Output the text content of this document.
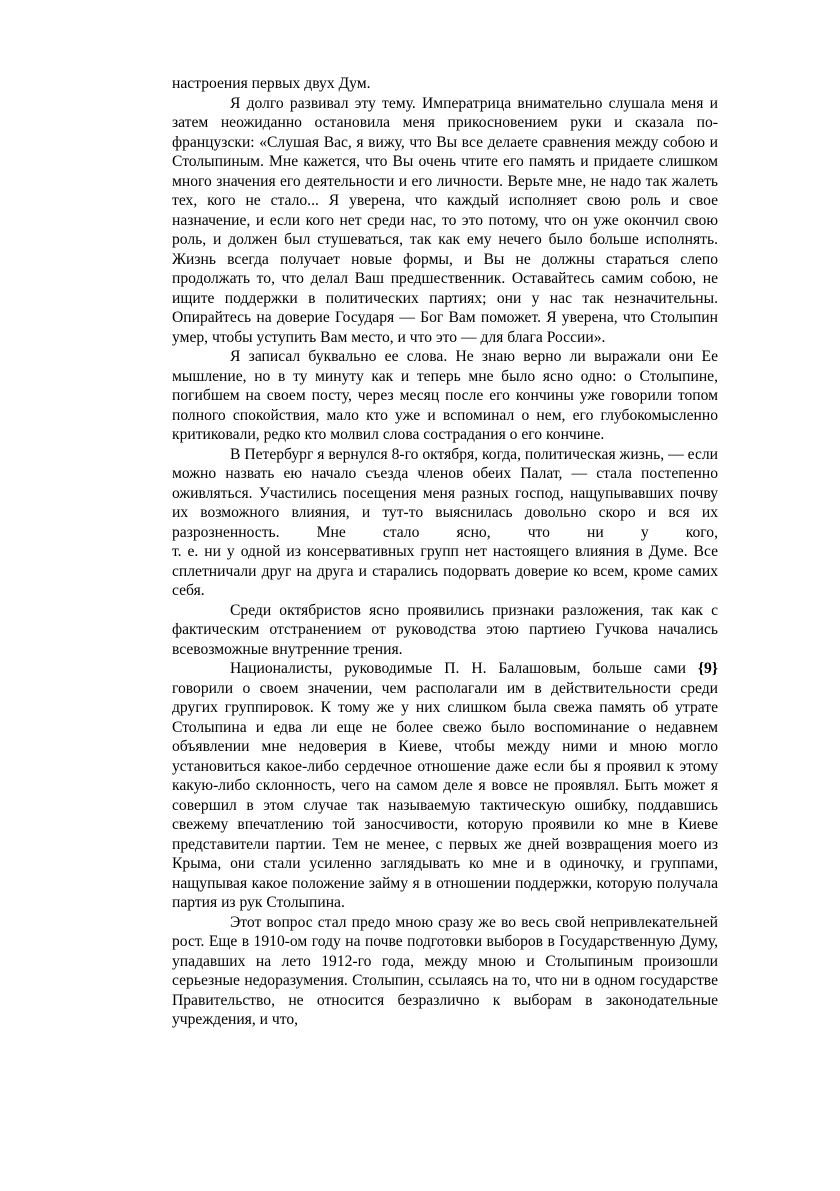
настроения первых двух Дум.

Я долго развивал эту тему. Императрица внимательно слушала меня и затем неожиданно остановила меня прикосновением руки и сказала по-французски: «Слушая Вас, я вижу, что Вы все делаете сравнения между собою и Столыпиным. Мне кажется, что Вы очень чтите его память и придаете слишком много значения его деятельности и его личности. Верьте мне, не надо так жалеть тех, кого не стало... Я уверена, что каждый исполняет свою роль и свое назначение, и если кого нет среди нас, то это потому, что он уже окончил свою роль, и должен был стушеваться, так как ему нечего было больше исполнять. Жизнь всегда получает новые формы, и Вы не должны стараться слепо продолжать то, что делал Ваш предшественник. Оставайтесь самим собою, не ищите поддержки в политических партиях; они у нас так незначительны. Опирайтесь на доверие Государя — Бог Вам поможет. Я уверена, что Столыпин умер, чтобы уступить Вам место, и что это — для блага России».

Я записал буквально ее слова. Не знаю верно ли выражали они Ее мышление, но в ту минуту как и теперь мне было ясно одно: о Столыпине, погибшем на своем посту, через месяц после его кончины уже говорили топом полного спокойствия, мало кто уже и вспоминал о нем, его глубокомысленно критиковали, редко кто молвил слова сострадания о его кончине.

В Петербург я вернулся 8-го октября, когда, политическая жизнь, — если можно назвать ею начало съезда членов обеих Палат, — стала постепенно оживляться. Участились посещения меня разных господ, нащупывавших почву их возможного влияния, и тут-то выяснилась довольно скоро и вся их разрозненность. Мне стало ясно, что ни у кого,

т. е. ни у одной из консервативных групп нет настоящего влияния в Думе. Все сплетничали друг на друга и старались подорвать доверие ко всем, кроме самих себя.

Среди октябристов ясно проявились признаки разложения, так как с фактическим отстранением от руководства этою партиею Гучкова начались всевозможные внутренние трения.

Националисты, руководимые П. Н. Балашовым, больше сами {9} говорили о своем значении, чем располагали им в действительности среди других группировок. К тому же у них слишком была свежа память об утрате Столыпина и едва ли еще не более свежо было воспоминание о недавнем объявлении мне недоверия в Киеве, чтобы между ними и мною могло установиться какое-либо сердечное отношение даже если бы я проявил к этому какую-либо склонность, чего на самом деле я вовсе не проявлял. Быть может я совершил в этом случае так называемую тактическую ошибку, поддавшись свежему впечатлению той заносчивости, которую проявили ко мне в Киеве представители партии. Тем не менее, с первых же дней возвращения моего из Крыма, они стали усиленно заглядывать ко мне и в одиночку, и группами, нащупывая какое положение займу я в отношении поддержки, которую получала партия из рук Столыпина.

Этот вопрос стал предо мною сразу же во весь свой непривлекательней рост. Еще в 1910-ом году на почве подготовки выборов в Государственную Думу, упадавших на лето 1912-го года, между мною и Столыпиным произошли серьезные недоразумения. Столыпин, ссылаясь на то, что ни в одном государстве Правительство, не относится безразлично к выборам в законодательные учреждения, и что,
